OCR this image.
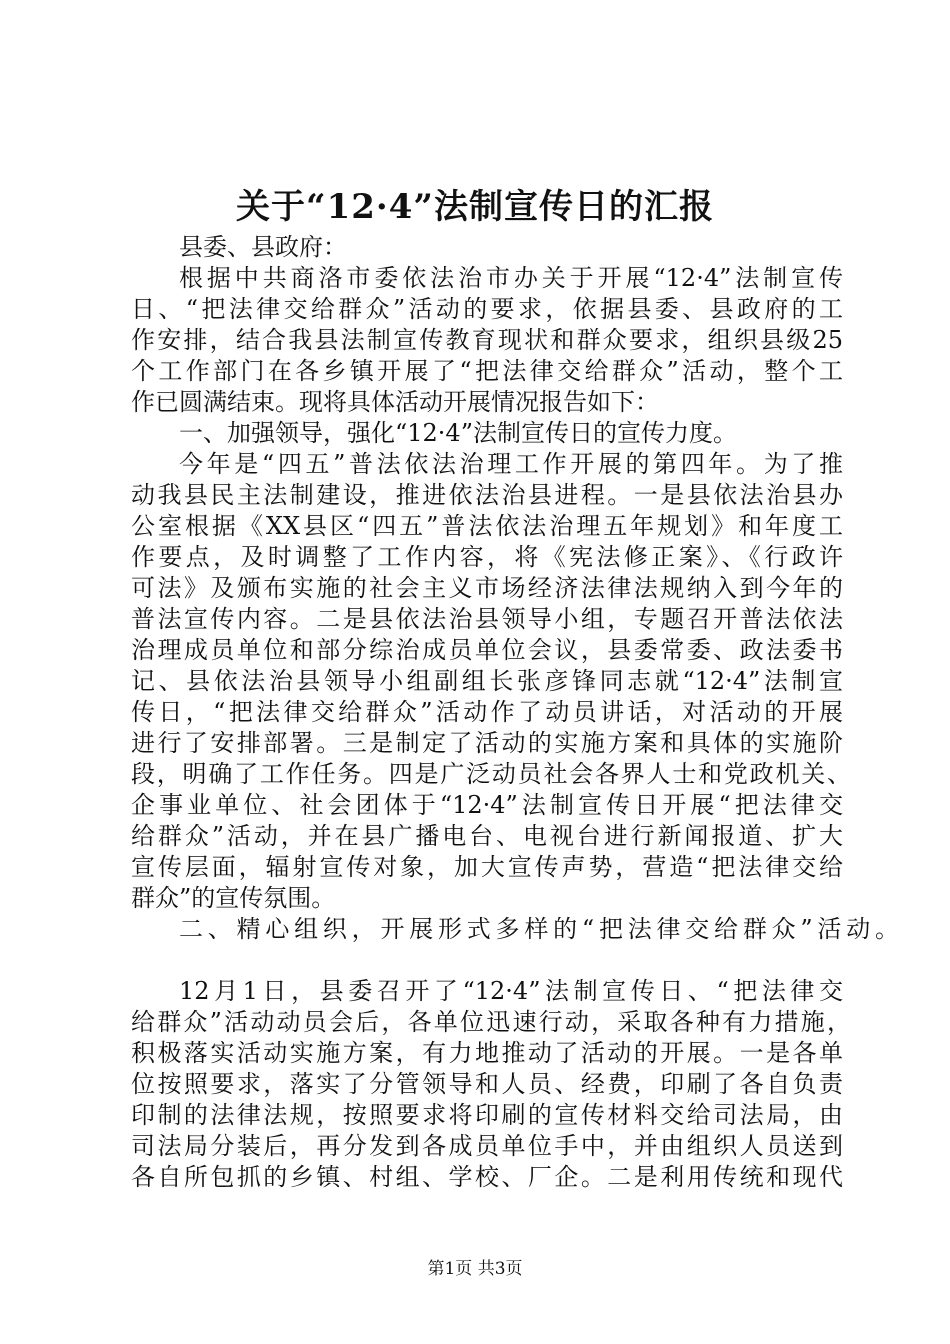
关于“12·4”法制宣传日的汇报
县委、县政府：
根据中共商洛市委依法治市办关于开展“12·4”法制宣传
日、“把法律交给群众”活动的要求，依据县委、县政府的工
作安排，结合我县法制宣传教育现状和群众要求，组织县级25
个工作部门在各乡镇开展了“把法律交给群众”活动，整个工
作已圆满结束。现将具体活动开展情况报告如下：
一、加强领导，强化“12·4”法制宣传日的宣传力度。
今年是“四五”普法依法治理工作开展的第四年。为了推
动我县民主法制建设，推进依法治县进程。一是县依法治县办
公室根据《XX县区“四五”普法依法治理五年规划》和年度工
作要点，及时调整了工作内容，将《宪法修正案》、《行政许
可法》及颁布实施的社会主义市场经济法律法规纳入到今年的
普法宣传内容。二是县依法治县领导小组，专题召开普法依法
治理成员单位和部分综治成员单位会议，县委常委、政法委书
记、县依法治县领导小组副组长张彦锋同志就“12·4”法制宣
传日，“把法律交给群众”活动作了动员讲话，对活动的开展
进行了安排部署。三是制定了活动的实施方案和具体的实施阶
段，明确了工作任务。四是广泛动员社会各界人士和党政机关、
企事业单位、社会团体于“12·4”法制宣传日开展“把法律交
给群众”活动，并在县广播电台、电视台进行新闻报道、扩大
宣传层面，辐射宣传对象，加大宣传声势，营造“把法律交给
群众”的宣传氛围。
二、精心组织，开展形式多样的“把法律交给群众”活动。
12月1日，县委召开了“12·4”法制宣传日、“把法律交
给群众”活动动员会后，各单位迅速行动，采取各种有力措施，
积极落实活动实施方案，有力地推动了活动的开展。一是各单
位按照要求，落实了分管领导和人员、经费，印刷了各自负责
印制的法律法规，按照要求将印刷的宣传材料交给司法局，由
司法局分装后，再分发到各成员单位手中，并由组织人员送到
各自所包抓的乡镇、村组、学校、厂企。二是利用传统和现代
第1页 共3页
